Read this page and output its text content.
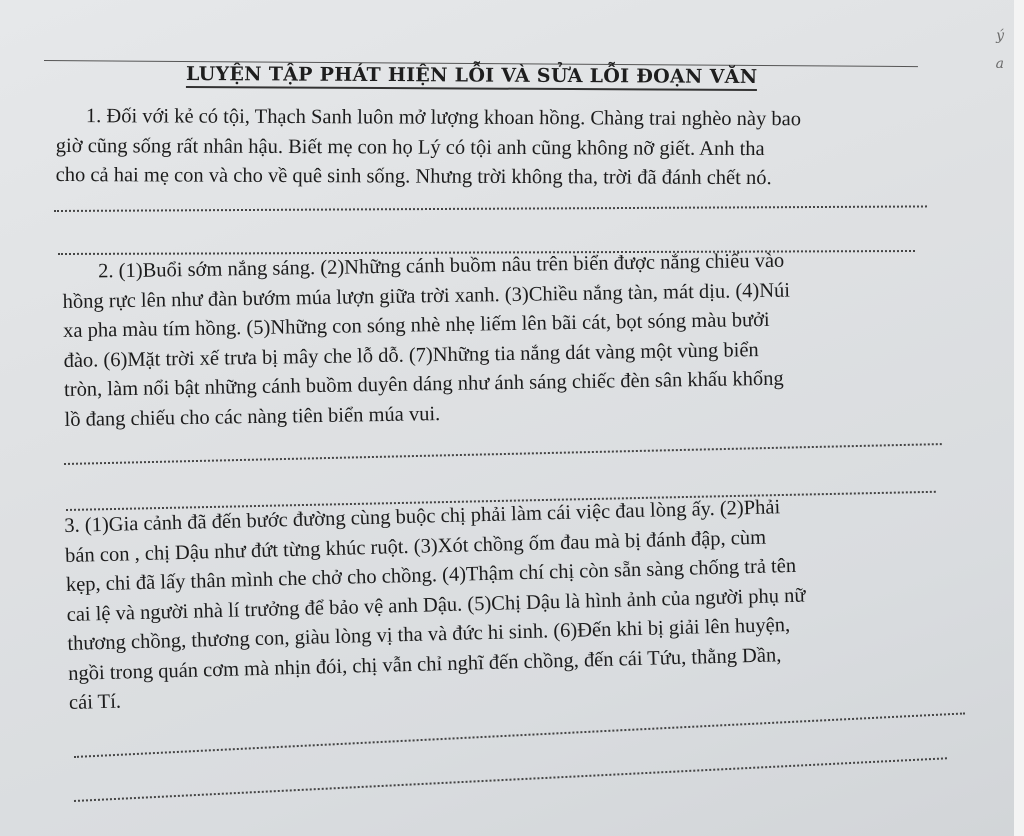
LUYỆN TẬP PHÁT HIỆN LỖI VÀ SỬA LỖI ĐOẠN VĂN
1. Đối với kẻ có tội, Thạch Sanh luôn mở lượng khoan hồng. Chàng trai nghèo này bao
giờ cũng sống rất nhân hậu. Biết mẹ con họ Lý có tội anh cũng không nỡ giết. Anh tha
cho cả hai mẹ con và cho về quê sinh sống. Nhưng trời không tha, trời đã đánh chết nó.
2. (1)Buổi sớm nắng sáng. (2)Những cánh buồm nâu trên biển được nắng chiếu vào
hồng rực lên như đàn bướm múa lượn giữa trời xanh. (3)Chiều nắng tàn, mát dịu. (4)Núi
xa pha màu tím hồng. (5)Những con sóng nhè nhẹ liếm lên bãi cát, bọt sóng màu bưởi
đào. (6)Mặt trời xế trưa bị mây che lỗ dỗ. (7)Những tia nắng dát vàng một vùng biển
tròn, làm nổi bật những cánh buồm duyên dáng như ánh sáng chiếc đèn sân khấu khổng
lồ đang chiếu cho các nàng tiên biển múa vui.
3. (1)Gia cảnh đã đến bước đường cùng buộc chị phải làm cái việc đau lòng ấy. (2)Phải
bán con , chị Dậu như đứt từng khúc ruột. (3)Xót chồng ốm đau mà bị đánh đập, cùm
kẹp, chi đã lấy thân mình che chở cho chồng. (4)Thậm chí chị còn sẵn sàng chống trả tên
cai lệ và người nhà lí trưởng để bảo vệ anh Dậu. (5)Chị Dậu là hình ảnh của người phụ nữ
thương chồng, thương con, giàu lòng vị tha và đức hi sinh. (6)Đến khi bị giải lên huyện,
ngồi trong quán cơm mà nhịn đói, chị vẫn chỉ nghĩ đến chồng, đến cái Tứu, thằng Dần,
cái Tí.
ý
a
